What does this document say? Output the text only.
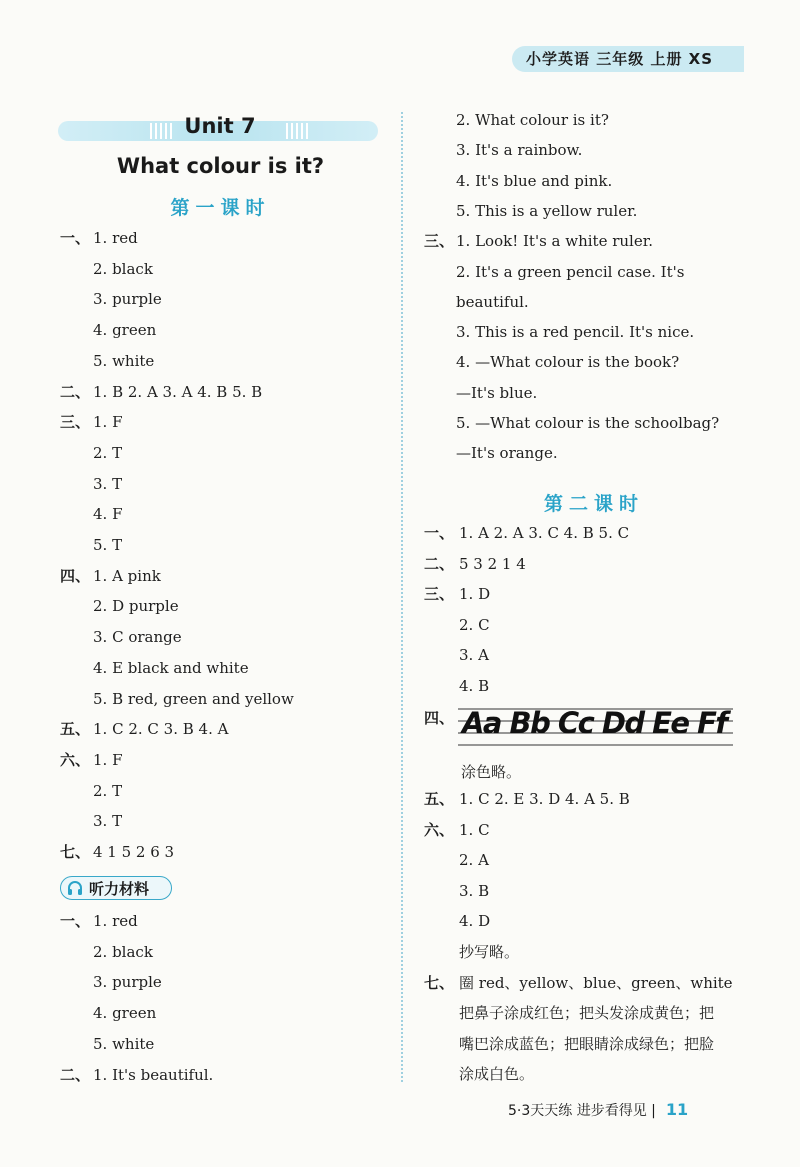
小学英语 三年级 上册 XS
Unit 7
What colour is it?
第一课时
一、 1. red
2. black
3. purple
4. green
5. white
二、 1. B 2. A 3. A 4. B 5. B
三、 1. F
2. T
3. T
4. F
5. T
四、 1. A pink
2. D purple
3. C orange
4. E black and white
5. B red, green and yellow
五、 1. C 2. C 3. B 4. A
六、 1. F
2. T
3. T
七、 4 1 5 2 6 3
听力材料
一、 1. red
2. black
3. purple
4. green
5. white
二、 1. It's beautiful.
2. What colour is it?
3. It's a rainbow.
4. It's blue and pink.
5. This is a yellow ruler.
三、 1. Look! It's a white ruler.
2. It's a green pencil case. It's
beautiful.
3. This is a red pencil. It's nice.
4. —What colour is the book?
—It's blue.
5. —What colour is the schoolbag?
—It's orange.
第二课时
一、 1. A 2. A 3. C 4. B 5. C
二、 5 3 2 1 4
三、 1. D
2. C
3. A
4. B
四、 Aa Bb Cc Dd Ee Ff
涂色略。
五、 1. C 2. E 3. D 4. A 5. B
六、 1. C
2. A
3. B
4. D
抄写略。
七、 圈 red、yellow、blue、green、white
把鼻子涂成红色；把头发涂成黄色；把
嘴巴涂成蓝色；把眼睛涂成绿色；把脸
涂成白色。
5·3天天练 进步看得见 | 11
